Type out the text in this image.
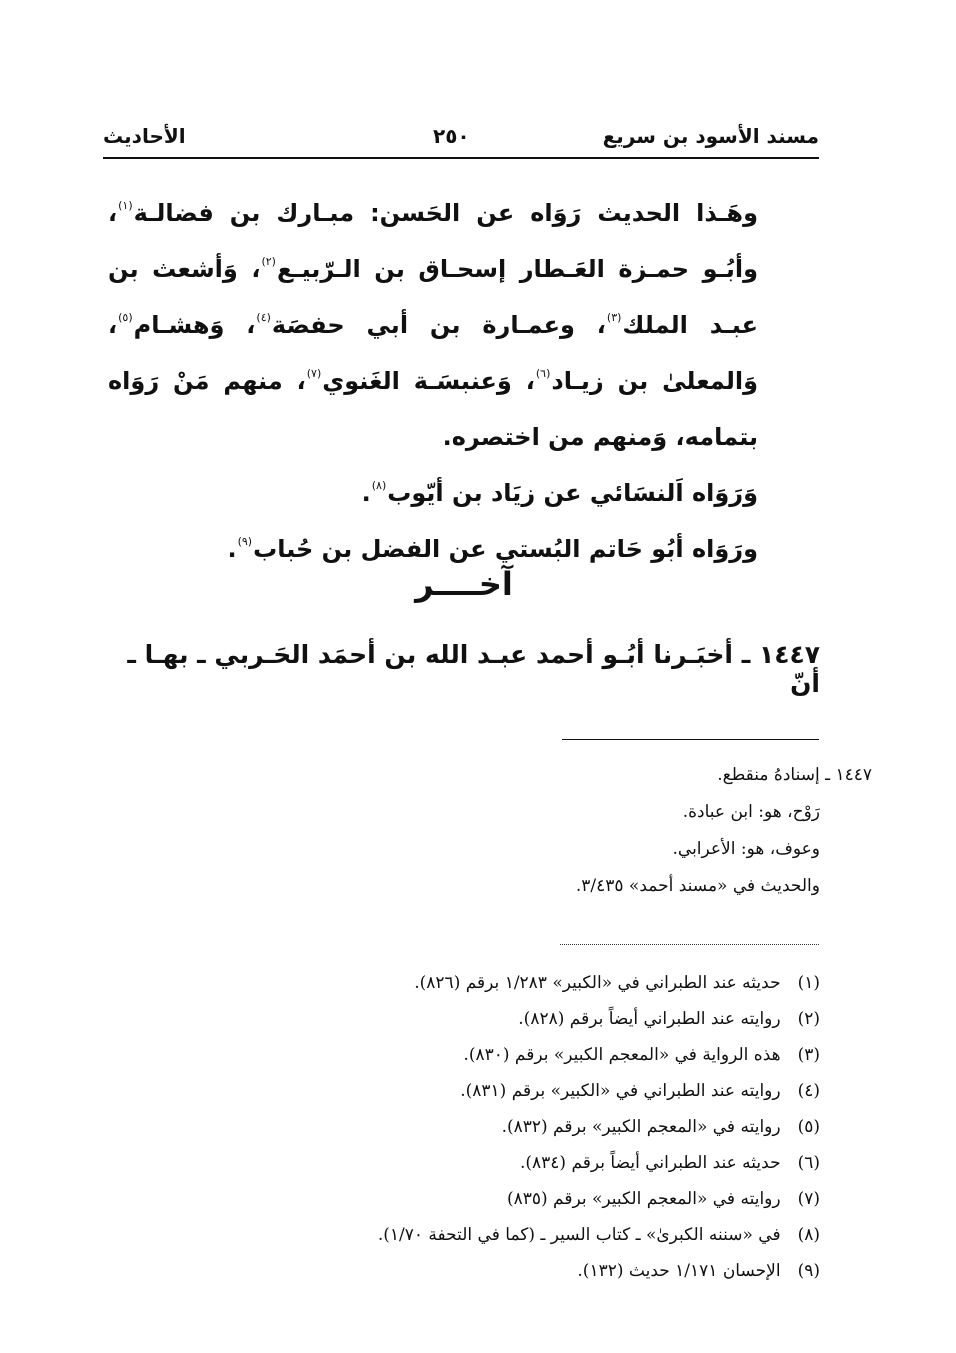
مسند الأسود بن سريع
٢٥٠
الأحاديث

وهَـذا الحديث رَوَاه عن الحَسن: مبـارك بن فضالـة$^{(١)}$، وأبُـو حمـزة العَـطار إسحـاق بن الـرّبيـع$^{(٢)}$، وَأشعث بن عبـد الملك$^{(٣)}$، وعمـارة بن أبي حفصَة$^{(٤)}$، وَهشـام$^{(٥)}$، وَالمعلىٰ بن زيـاد$^{(٦)}$، وَعنبسَـة الغَنوي$^{(٧)}$، منهم مَنْ رَوَاه بتمامه، وَمنهم من اختصره.

وَرَوَاه اَلنسَائي عن زيَاد بن أيّوب$^{(٨)}$.

ورَوَاه أبُو حَاتم البُستي عن الفضل بن حُباب$^{(٩)}$.

آخــــر
١٤٤٧ ـ أخبَـرنا أبُـو أحمد عبـد الله بن أحمَد الحَـربي ـ بهـا ـ أنّ
١٤٤٧ ـ إسنادهُ منقطع.
رَوْح، هو: ابن عبادة.
وعوف، هو: الأعرابي.
والحديث في «مسند أحمد» ٣/٤٣٥.
(١) حديثه عند الطبراني في «الكبير» ١/٢٨٣ برقم (٨٢٦).
(٢) روايته عند الطبراني أيضاً برقم (٨٢٨).
(٣) هذه الرواية في «المعجم الكبير» برقم (٨٣٠).
(٤) روايته عند الطبراني في «الكبير» برقم (٨٣١).
(٥) روايته في «المعجم الكبير» برقم (٨٣٢).
(٦) حديثه عند الطبراني أيضاً برقم (٨٣٤).
(٧) روايته في «المعجم الكبير» برقم (٨٣٥)
(٨) في «سننه الكبرىٰ» ـ كتاب السير ـ (كما في التحفة ١/٧٠).
(٩) الإحسان ١/١٧١ حديث (١٣٢).
